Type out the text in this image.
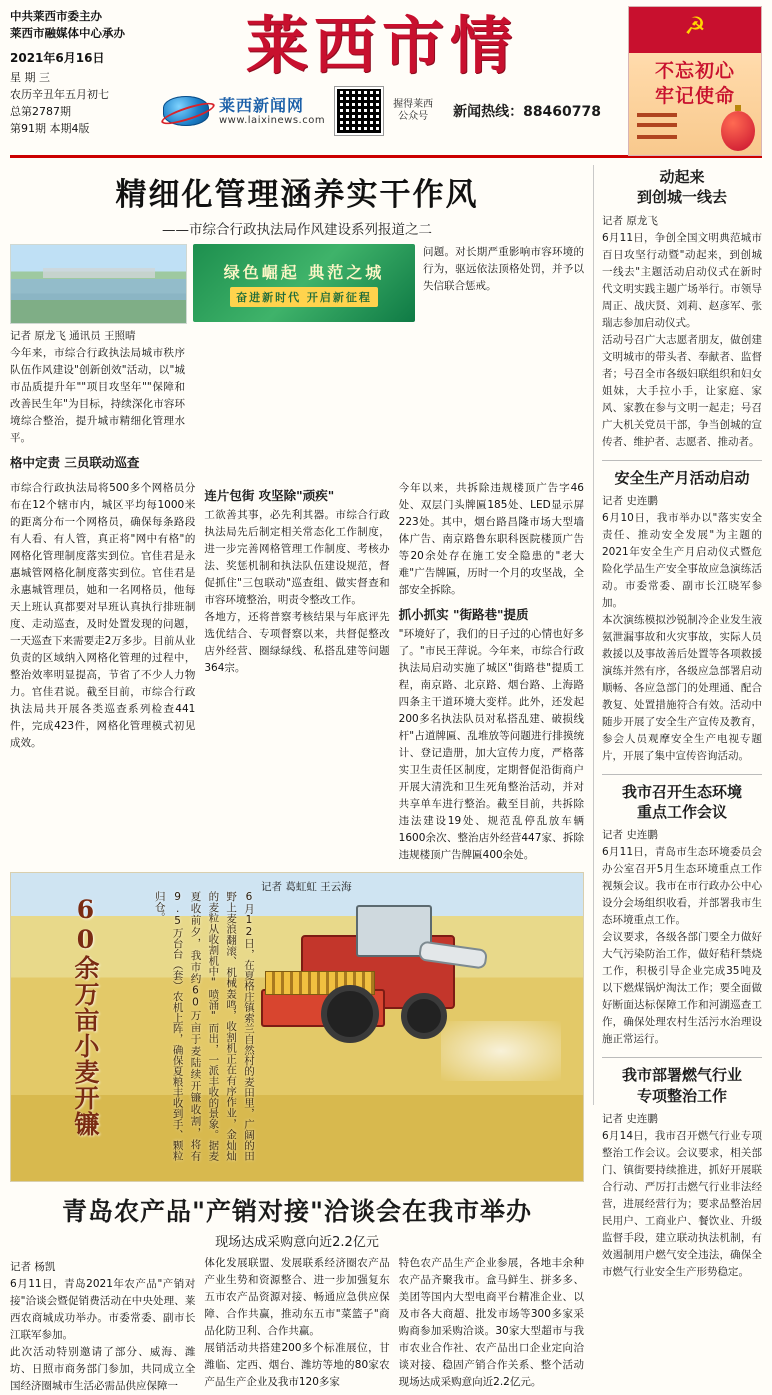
中共莱西市委主办
莱西市融媒体中心承办
2021年6月16日
星 期 三
农历辛丑年五月初七
总第2787期
第91期 本期4版
莱西市情
莱西新闻网
www.laixinews.com
握得莱西
公众号	新闻热线：88460778
☭
不忘初心
牢记使命
精细化管理涵养实干作风
——市综合行政执法局作风建设系列报道之二
记者 原龙飞 通讯员 王照晴
今年来，市综合行政执法局城市秩序队伍作风建设"创新创效"活动，以"城市品质提升年""项目攻坚年""保障和改善民生年"为目标，持续深化市容环境综合整治，提升城市精细化管理水平。
格中定责 三员联动巡查
绿色崛起 典范之城
奋进新时代 开启新征程
问题。对长期严重影响市容环境的行为，驱远依法顶格处罚，并予以失信联合惩戒。
市综合行政执法局将500多个网格员分布在12个辖市内，城区平均每1000米的距离分布一个网格员，确保每条路段有人看、有人管，真正将"网中有格"的网格化管理制度落实到位。官佳君是永惠城管网格化制度落实到位。官佳君是永惠城管理员，她和一名网格员，他每天上班认真都要对早班认真执行排班制度、走动巡查，及时处置发现的问题，一天巡查下来需要走2万多步。目前从业负责的区域纳入网格化管理的过程中，整治效率明显提高，节省了不少人力物力。官佳君说。截至目前，市综合行政执法局共开展各类巡查系列检查441件，完成423件，网格化管理模式初见成效。
连片包街 攻坚除"顽疾"
工欲善其事，必先利其器。市综合行政执法局先后制定相关常态化工作制度，进一步完善网格管理工作制度、考核办法、奖惩机制和执法队伍建设规范，督促抓住"三包联动"巡查组、做实督查和市容环境整治，明责令整改工作。
各地方，还将普察考核结果与年底评先选优结合、专项督察以来，共督促整改店外经营、圈绿绿线、私搭乱建等问题364宗。
今年以来，共拆除违规楼顶广告字46处、双层门头牌匾185处、LED显示屏223处。其中，烟台路昌隆市场大型墙体广告、南京路鲁东职科医院楼顶广告等20余处存在施工安全隐患的"老大难"广告牌匾，历时一个月的攻坚战，全部安全拆除。
抓小抓实 "街路巷"提质
"环境好了，我们的日子过的心情也好多了。"市民王萍说。今年来，市综合行政执法局启动实施了城区"街路巷"提质工程，南京路、北京路、烟台路、上海路四条主干道环境大变样。此外，还发起200多名执法队员对私搭乱建、破损线杆"占道牌匾、乱堆放等问题进行排摸统计、登记造册，加大宣传力度，严格落实卫生责任区制度，定期督促沿街商户开展大清洗和卫生死角整治活动，并对共享单车进行整治。截至目前，共拆除违法建设19处、规范乱停乱放车辆1600余次、整治店外经营447家、拆除违规楼顶广告牌匾400余处。
60余万亩小麦开镰	6月12日，在夏格庄镇索兰自然村的麦田里，广阔的田野上麦浪翻滚、机械轰鸣，收割机正在有序作业，金灿灿的麦粒从收割机中"喷涌"而出，一派丰收的景象。据麦夏收前夕，我市约60万亩于麦陆续开镰收割，将有9.5万台台（套）农机上阵，确保夏粮丰收到手、颗粒归仓。
记者 葛虹虹 王云海
青岛农产品"产销对接"洽谈会在我市举办
现场达成采购意向近2.2亿元
记者 杨凯
6月11日，青岛2021年农产品"产销对接"洽谈会暨促销费活动在中央处理、莱西农商城成功举办。市委常委、副市长江联军参加。
此次活动特别邀请了部分、威海、潍坊、日照市商务部门参加，共同成立全国经济圈城市生活必需品供应保障一
体化发展联盟、发展联系经济圈农产品产业生势和资源整合、进一步加强复东五市农产品资源对接、畅通应急供应保障、合作共赢，推动东五市"菜篮子"商品化防卫利、合作共赢。
展销活动共搭建200多个标准展位，甘潍临、定西、烟台、潍坊等地的80家农产品生产企业及我市120多家
特色农产品生产企业参展，各地丰余种农产品齐聚我市。盒马鲜生、拼多多、美团等国内大型电商平台精准企业、以及市各大商超、批发市场等300多家采购商参加采购洽谈。30家大型超市与我市农业合作社、农产品出口企业定向洽谈对接、稳固产销合作关系、整个活动现场达成采购意向近2.2亿元。
动起来
到创城一线去
记者 原龙飞
6月11日，争创全国文明典范城市百日攻坚行动暨"动起来，到创城一线去"主题活动启动仪式在新时代文明实践主题广场举行。市领导周正、战庆贤、刘莉、赵彦军、张瑞志参加启动仪式。
活动号召广大志愿者朋友，做创建文明城市的带头者、奉献者、监督者；号召全市各级妇联组织和妇女姐妹，大手拉小手，让家庭、家风、家教在参与文明一起走；号召广大机关党员干部，争当创城的宣传者、维护者、志愿者、推动者。
安全生产月活动启动
记者 史连鹏
6月10日，我市举办以"落实安全责任、推动安全发展"为主题的2021年安全生产月启动仪式暨危险化学品生产安全事故应急演练活动。市委常委、副市长江晓军参加。
本次演练模拟沙锐制冷企业发生液氨泄漏事故和火灾事故，实际人员救援以及事故善后处置等各项救援演练并然有序，各级应急部署启动顺畅、各应急部门的处理通、配合教复、处置措施符合有效。活动中随步开展了安全生产宣传及教育，参会人员观摩安全生产电视专题片，开展了集中宣传咨询活动。
我市召开生态环境
重点工作会议
记者 史连鹏
6月11日，青岛市生态环境委员会办公室召开5月生态环境重点工作视频会议。我市在市行政办公中心设分会场组织收看，并部署我市生态环境重点工作。
会议要求，各级各部门要全力做好大气污染防治工作，做好秸秆禁烧工作，积极引导企业完成35吨及以下燃煤锅炉淘汰工作；要全面做好断面达标保障工作和河湖巡查工作，确保处理农村生活污水治理设施正常运行。
我市部署燃气行业
专项整治工作
记者 史连鹏
6月14日，我市召开燃气行业专项整治工作会议。会议要求，相关部门、镇街要持续推进，抓好开展联合行动、严厉打击燃气行业非法经营，进展经营行为；要求品整治居民用户、工商业户、餐饮业、升级监督手段，建立联动执法机制，有效遏制用户燃气安全违法，确保全市燃气行业安全生产形势稳定。
